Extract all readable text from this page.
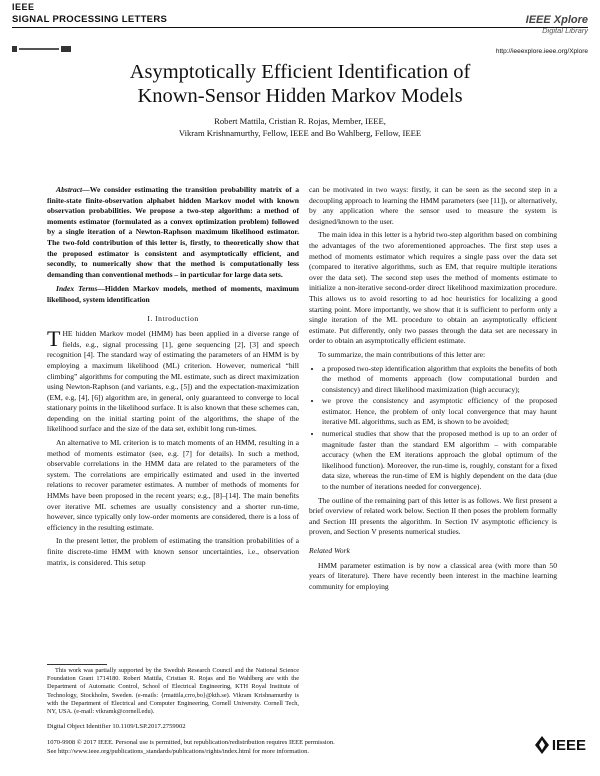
IEEE
SIGNAL PROCESSING LETTERS	IEEE Xplore
Digital Library
http://ieeexplore.ieee.org/Xplore
Asymptotically Efficient Identification of
Known-Sensor Hidden Markov Models
Robert Mattila, Cristian R. Rojas, Member, IEEE,
Vikram Krishnamurthy, Fellow, IEEE and Bo Wahlberg, Fellow, IEEE

Abstract—We consider estimating the transition probability matrix of a finite-state finite-observation alphabet hidden Markov model with known observation probabilities. We propose a two-step algorithm: a method of moments estimator (formulated as a convex optimization problem) followed by a single iteration of a Newton-Raphson maximum likelihood estimator. The two-fold contribution of this letter is, firstly, to theoretically show that the proposed estimator is consistent and asymptotically efficient, and secondly, to numerically show that the method is computationally less demanding than conventional methods – in particular for large data sets.

Index Terms—Hidden Markov models, method of moments, maximum likelihood, system identification

I. Introduction

THE hidden Markov model (HMM) has been applied in a diverse range of fields, e.g., signal processing [1], gene sequencing [2], [3] and speech recognition [4]. The standard way of estimating the parameters of an HMM is by employing a maximum likelihood (ML) criterion. However, numerical “hill climbing” algorithms for computing the ML estimate, such as direct maximization using Newton-Raphson (and variants, e.g., [5]) and the expectation-maximization (EM, e.g, [4], [6]) algorithm are, in general, only guaranteed to converge to local stationary points in the likelihood surface. It is also known that these schemes can, depending on the initial starting point of the algorithms, the shape of the likelihood surface and the size of the data set, exhibit long run-times.

An alternative to ML criterion is to match moments of an HMM, resulting in a method of moments estimator (see, e.g. [7] for details). In such a method, observable correlations in the HMM data are related to the parameters of the system. The correlations are empirically estimated and used in the inverted relations to recover parameter estimates. A number of methods of moments for HMMs have been proposed in the recent years; e.g., [8]–[14]. The main benefits over iterative ML schemes are usually consistency and a shorter run-time, however, since typically only low-order moments are considered, there is a loss of efficiency in the resulting estimate.

In the present letter, the problem of estimating the transition probabilities of a finite discrete-time HMM with known sensor uncertainties, i.e., observation matrix, is considered. This setup

can be motivated in two ways: firstly, it can be seen as the second step in a decoupling approach to learning the HMM parameters (see [11]), or alternatively, by any application where the sensor used to measure the system is designed/known to the user.

The main idea in this letter is a hybrid two-step algorithm based on combining the advantages of the two aforementioned approaches. The first step uses a method of moments estimator which requires a single pass over the data set (compared to iterative algorithms, such as EM, that require multiple iterations over the data set). The second step uses the method of moments estimate to initialize a non-iterative second-order direct likelihood maximization procedure. This allows us to avoid resorting to ad hoc heuristics for localizing a good starting point. More importantly, we show that it is sufficient to perform only a single iteration of the ML procedure to obtain an asymptotically efficient estimate. Put differently, only two passes through the data set are necessary in order to obtain an asymptotically efficient estimate.

To summarize, the main contributions of this letter are:

• a proposed two-step identification algorithm that exploits the benefits of both the method of moments approach (low computational burden and consistency) and direct likelihood maximization (high accuracy);
• we prove the consistency and asymptotic efficiency of the proposed estimator. Hence, the problem of only local convergence that may haunt iterative ML algorithms, such as EM, is shown to be avoided;
• numerical studies that show that the proposed method is up to an order of magnitude faster than the standard EM algorithm – with comparable accuracy (when the EM iterations approach the global optimum of the likelihood function). Moreover, the run-time is, roughly, constant for a fixed data size, whereas the run-time of EM is highly dependent on the data (due to the number of iterations needed for convergence).

The outline of the remaining part of this letter is as follows. We first present a brief overview of related work below. Section II then poses the problem formally and Section III presents the algorithm. In Section IV asymptotic efficiency is proven, and Section V presents numerical studies.

Related Work

HMM parameter estimation is by now a classical area (with more than 50 years of literature). There have recently been interest in the machine learning community for employing

This work was partially supported by the Swedish Research Council and the National Science Foundation Grant 1714180. Robert Mattila, Cristian R. Rojas and Bo Wahlberg are with the Department of Automatic Control, School of Electrical Engineering, KTH Royal Institute of Technology, Stockholm, Sweden. (e-mails: {rmattila,crro,bo}@kth.se). Vikram Krishnamurthy is with the Department of Electrical and Computer Engineering, Cornell University. Cornell Tech, NY, USA. (e-mail: vikramk@cornell.edu).
Digital Object Identifier 10.1109/LSP.2017.2759902
1070-9908 © 2017 IEEE. Personal use is permitted, but republication/redistribution requires IEEE permission.
See http://www.ieee.org/publications_standards/publications/rights/index.html for more information.	IEEE
